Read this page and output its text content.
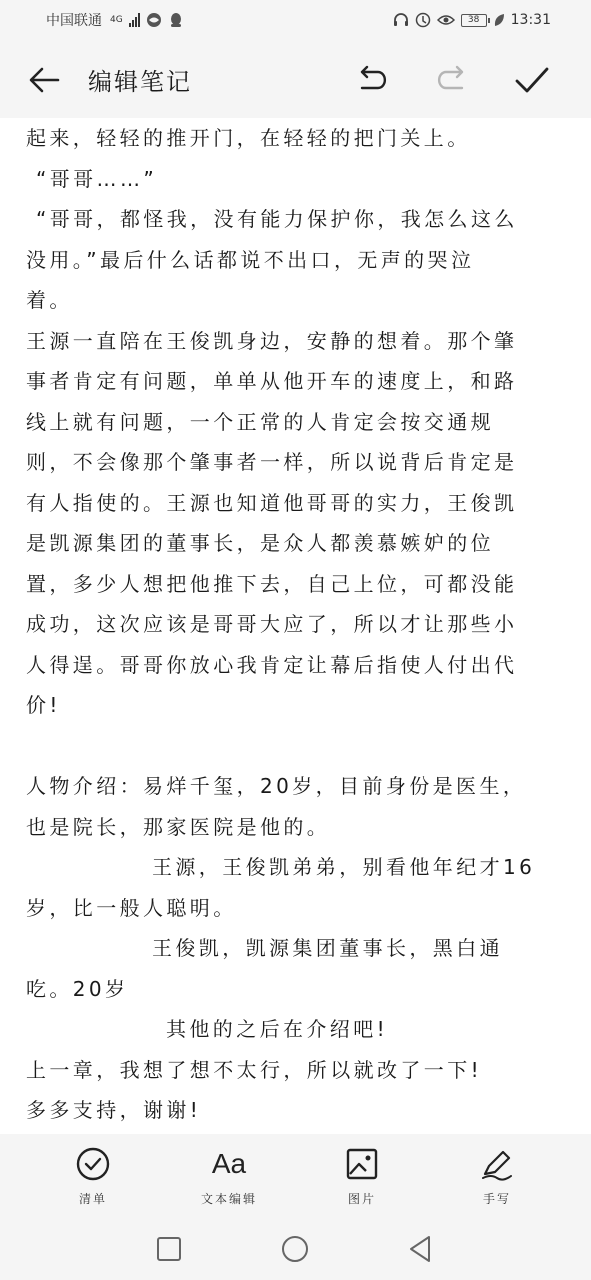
中国联通 4G	38 13:31
编辑笔记
起来，轻轻的推开门，在轻轻的把门关上。
“哥哥……”
“哥哥，都怪我，没有能力保护你，我怎么这么
没用。”最后什么话都说不出口，无声的哭泣
着。
王源一直陪在王俊凯身边，安静的想着。那个肇
事者肯定有问题，单单从他开车的速度上，和路
线上就有问题，一个正常的人肯定会按交通规
则，不会像那个肇事者一样，所以说背后肯定是
有人指使的。王源也知道他哥哥的实力，王俊凯
是凯源集团的董事长，是众人都羡慕嫉妒的位
置，多少人想把他推下去，自己上位，可都没能
成功，这次应该是哥哥大应了，所以才让那些小
人得逞。哥哥你放心我肯定让幕后指使人付出代
价!
人物介绍：易烊千玺，20岁，目前身份是医生，
也是院长，那家医院是他的。
王源，王俊凯弟弟，别看他年纪才16
岁，比一般人聪明。
王俊凯，凯源集团董事长，黑白通
吃。20岁
其他的之后在介绍吧!
上一章，我想了想不太行，所以就改了一下!
多多支持，谢谢!
清单
Aa
文本编辑	图片	手写
